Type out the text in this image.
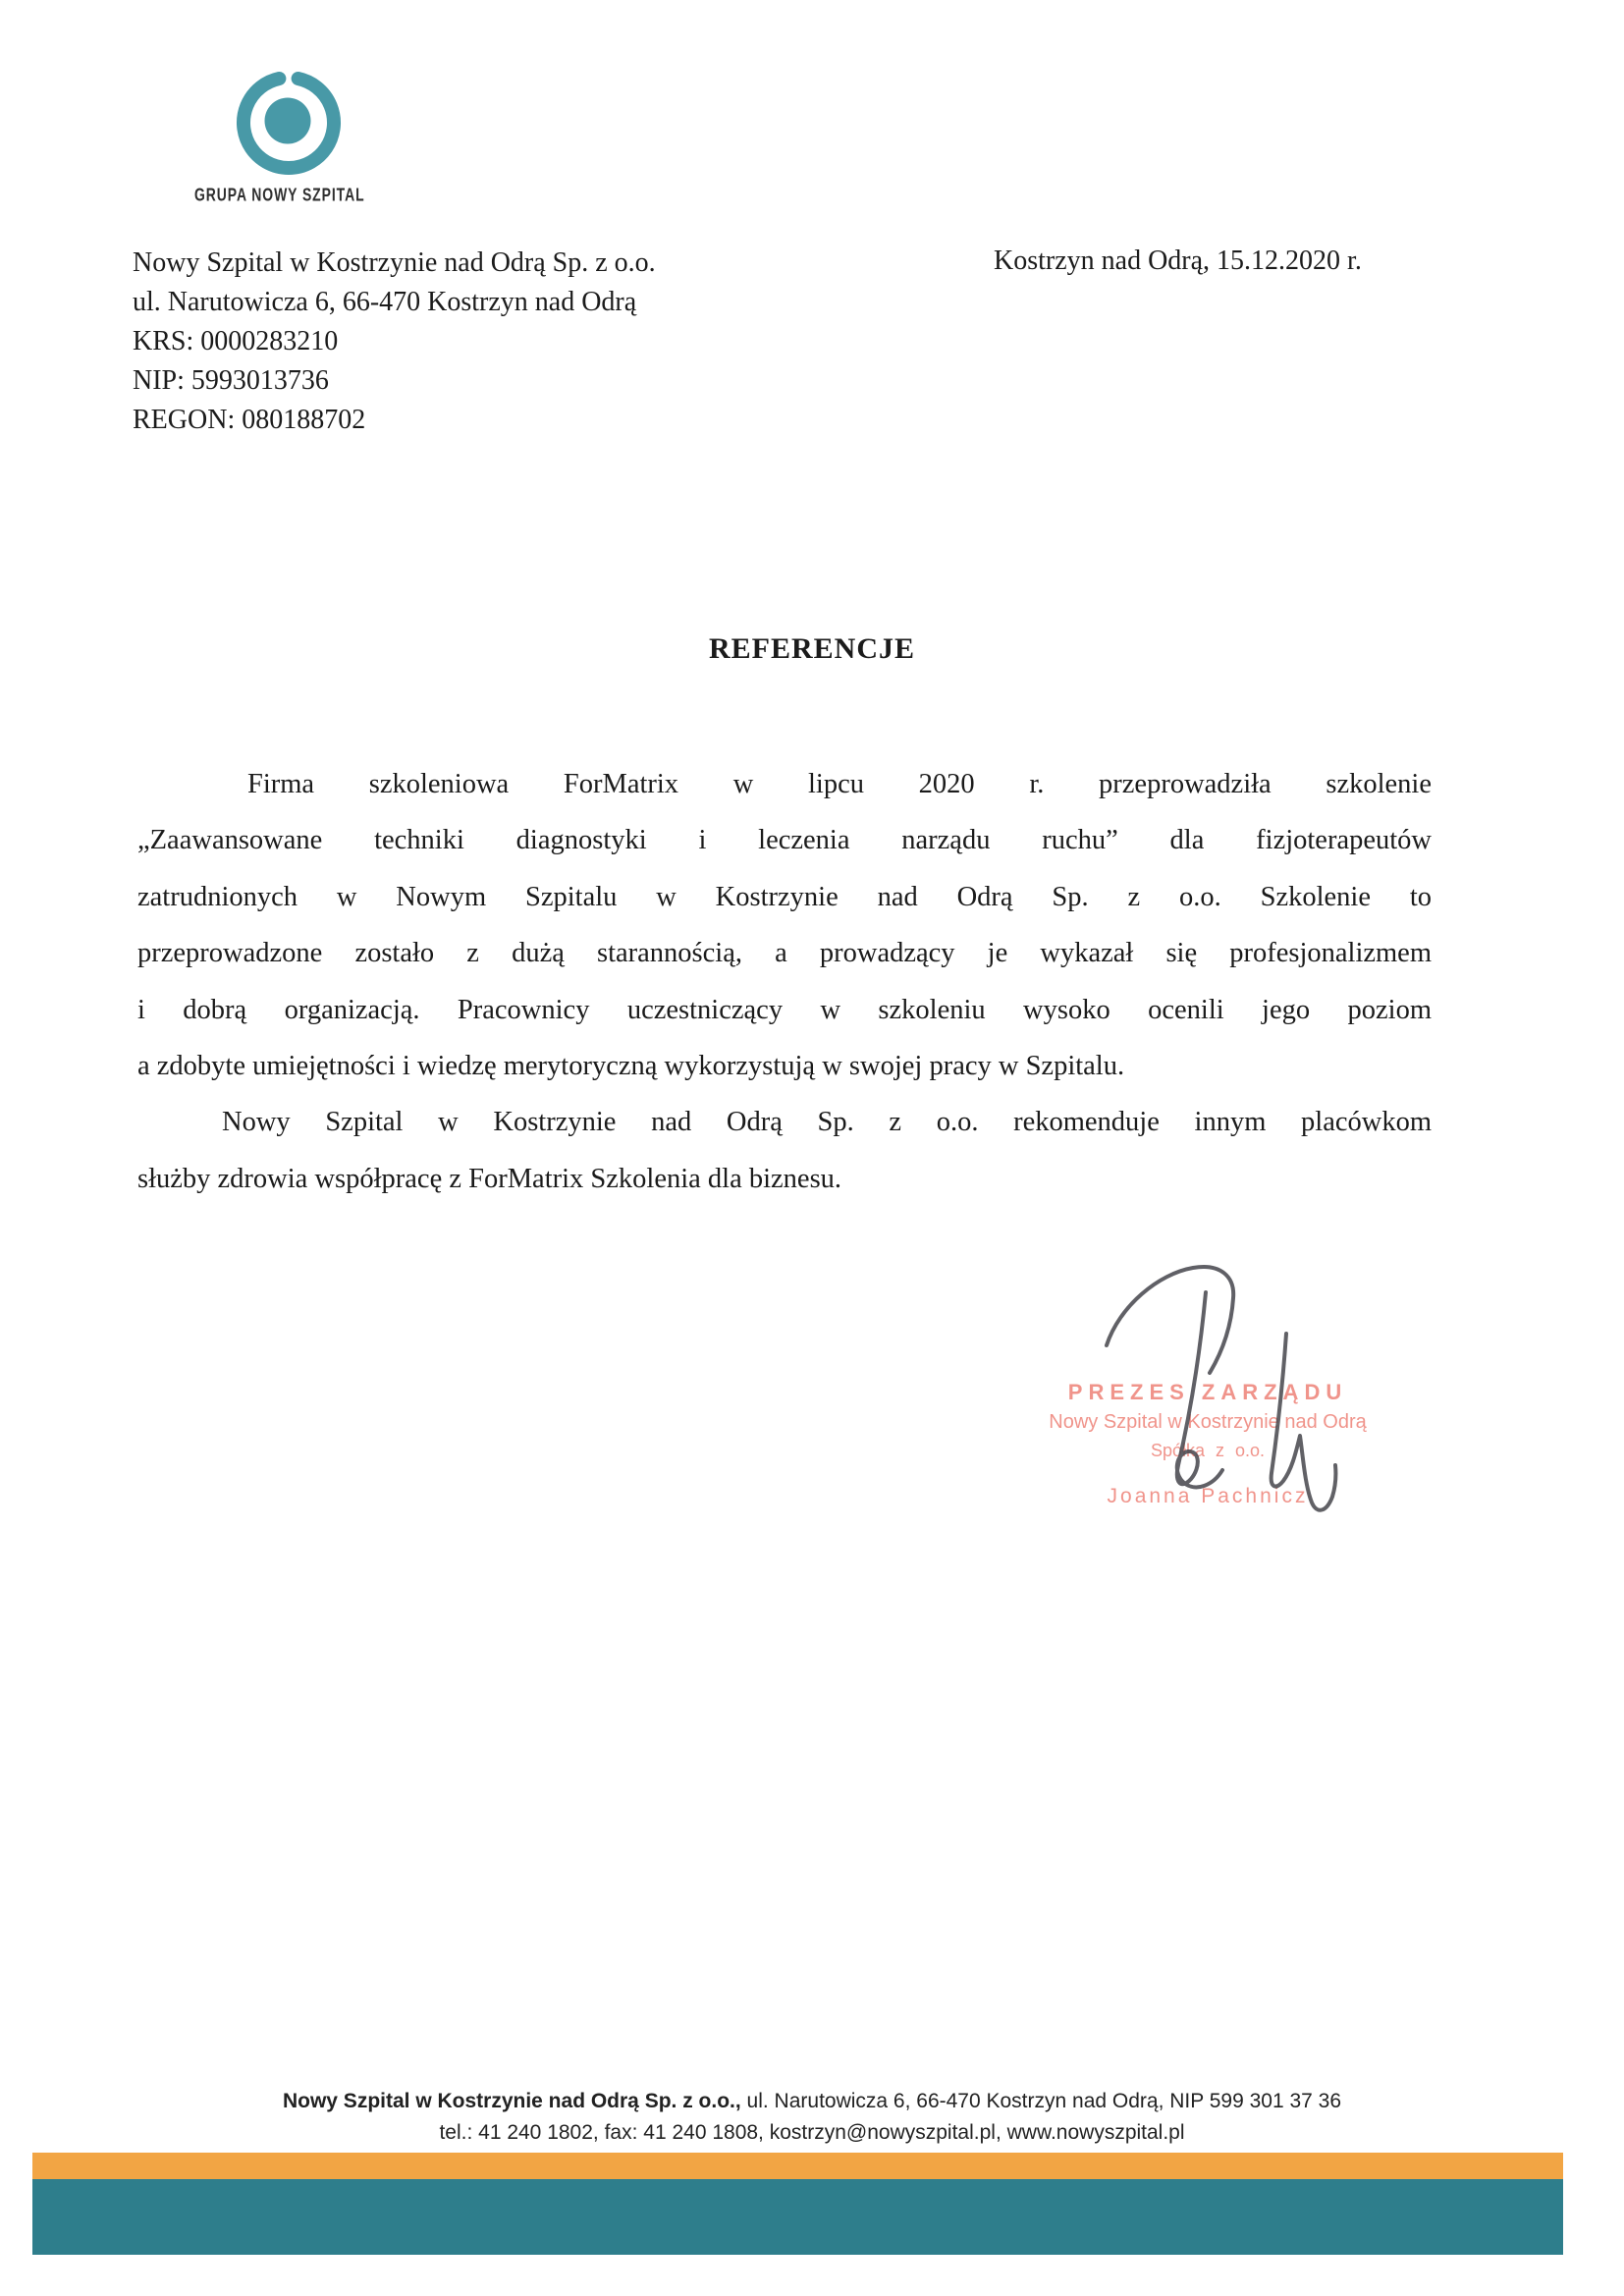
GRUPA NOWY SZPITAL
Nowy Szpital w Kostrzynie nad Odrą Sp. z o.o.
ul. Narutowicza 6, 66-470 Kostrzyn nad Odrą
KRS: 0000283210
NIP: 5993013736
REGON: 080188702
Kostrzyn nad Odrą, 15.12.2020 r.
REFERENCJE
Firma szkoleniowa ForMatrix w lipcu 2020 r. przeprowadziła szkolenie
„Zaawansowane techniki diagnostyki i leczenia narządu ruchu” dla fizjoterapeutów
zatrudnionych w Nowym Szpitalu w Kostrzynie nad Odrą Sp. z o.o. Szkolenie to
przeprowadzone zostało z dużą starannością, a prowadzący je wykazał się profesjonalizmem
i dobrą organizacją. Pracownicy uczestniczący w szkoleniu wysoko ocenili jego poziom
a zdobyte umiejętności i wiedzę merytoryczną wykorzystują w swojej pracy w Szpitalu.
Nowy Szpital w Kostrzynie nad Odrą Sp. z o.o. rekomenduje innym placówkom
służby zdrowia współpracę z ForMatrix Szkolenia dla biznesu.
PREZES ZARZĄDU
Nowy Szpital w Kostrzynie nad Odrą
Spółka z o.o.
Joanna Pachnicz
Nowy Szpital w Kostrzynie nad Odrą Sp. z o.o., ul. Narutowicza 6, 66-470 Kostrzyn nad Odrą, NIP 599 301 37 36
tel.: 41 240 1802, fax: 41 240 1808, kostrzyn@nowyszpital.pl, www.nowyszpital.pl
